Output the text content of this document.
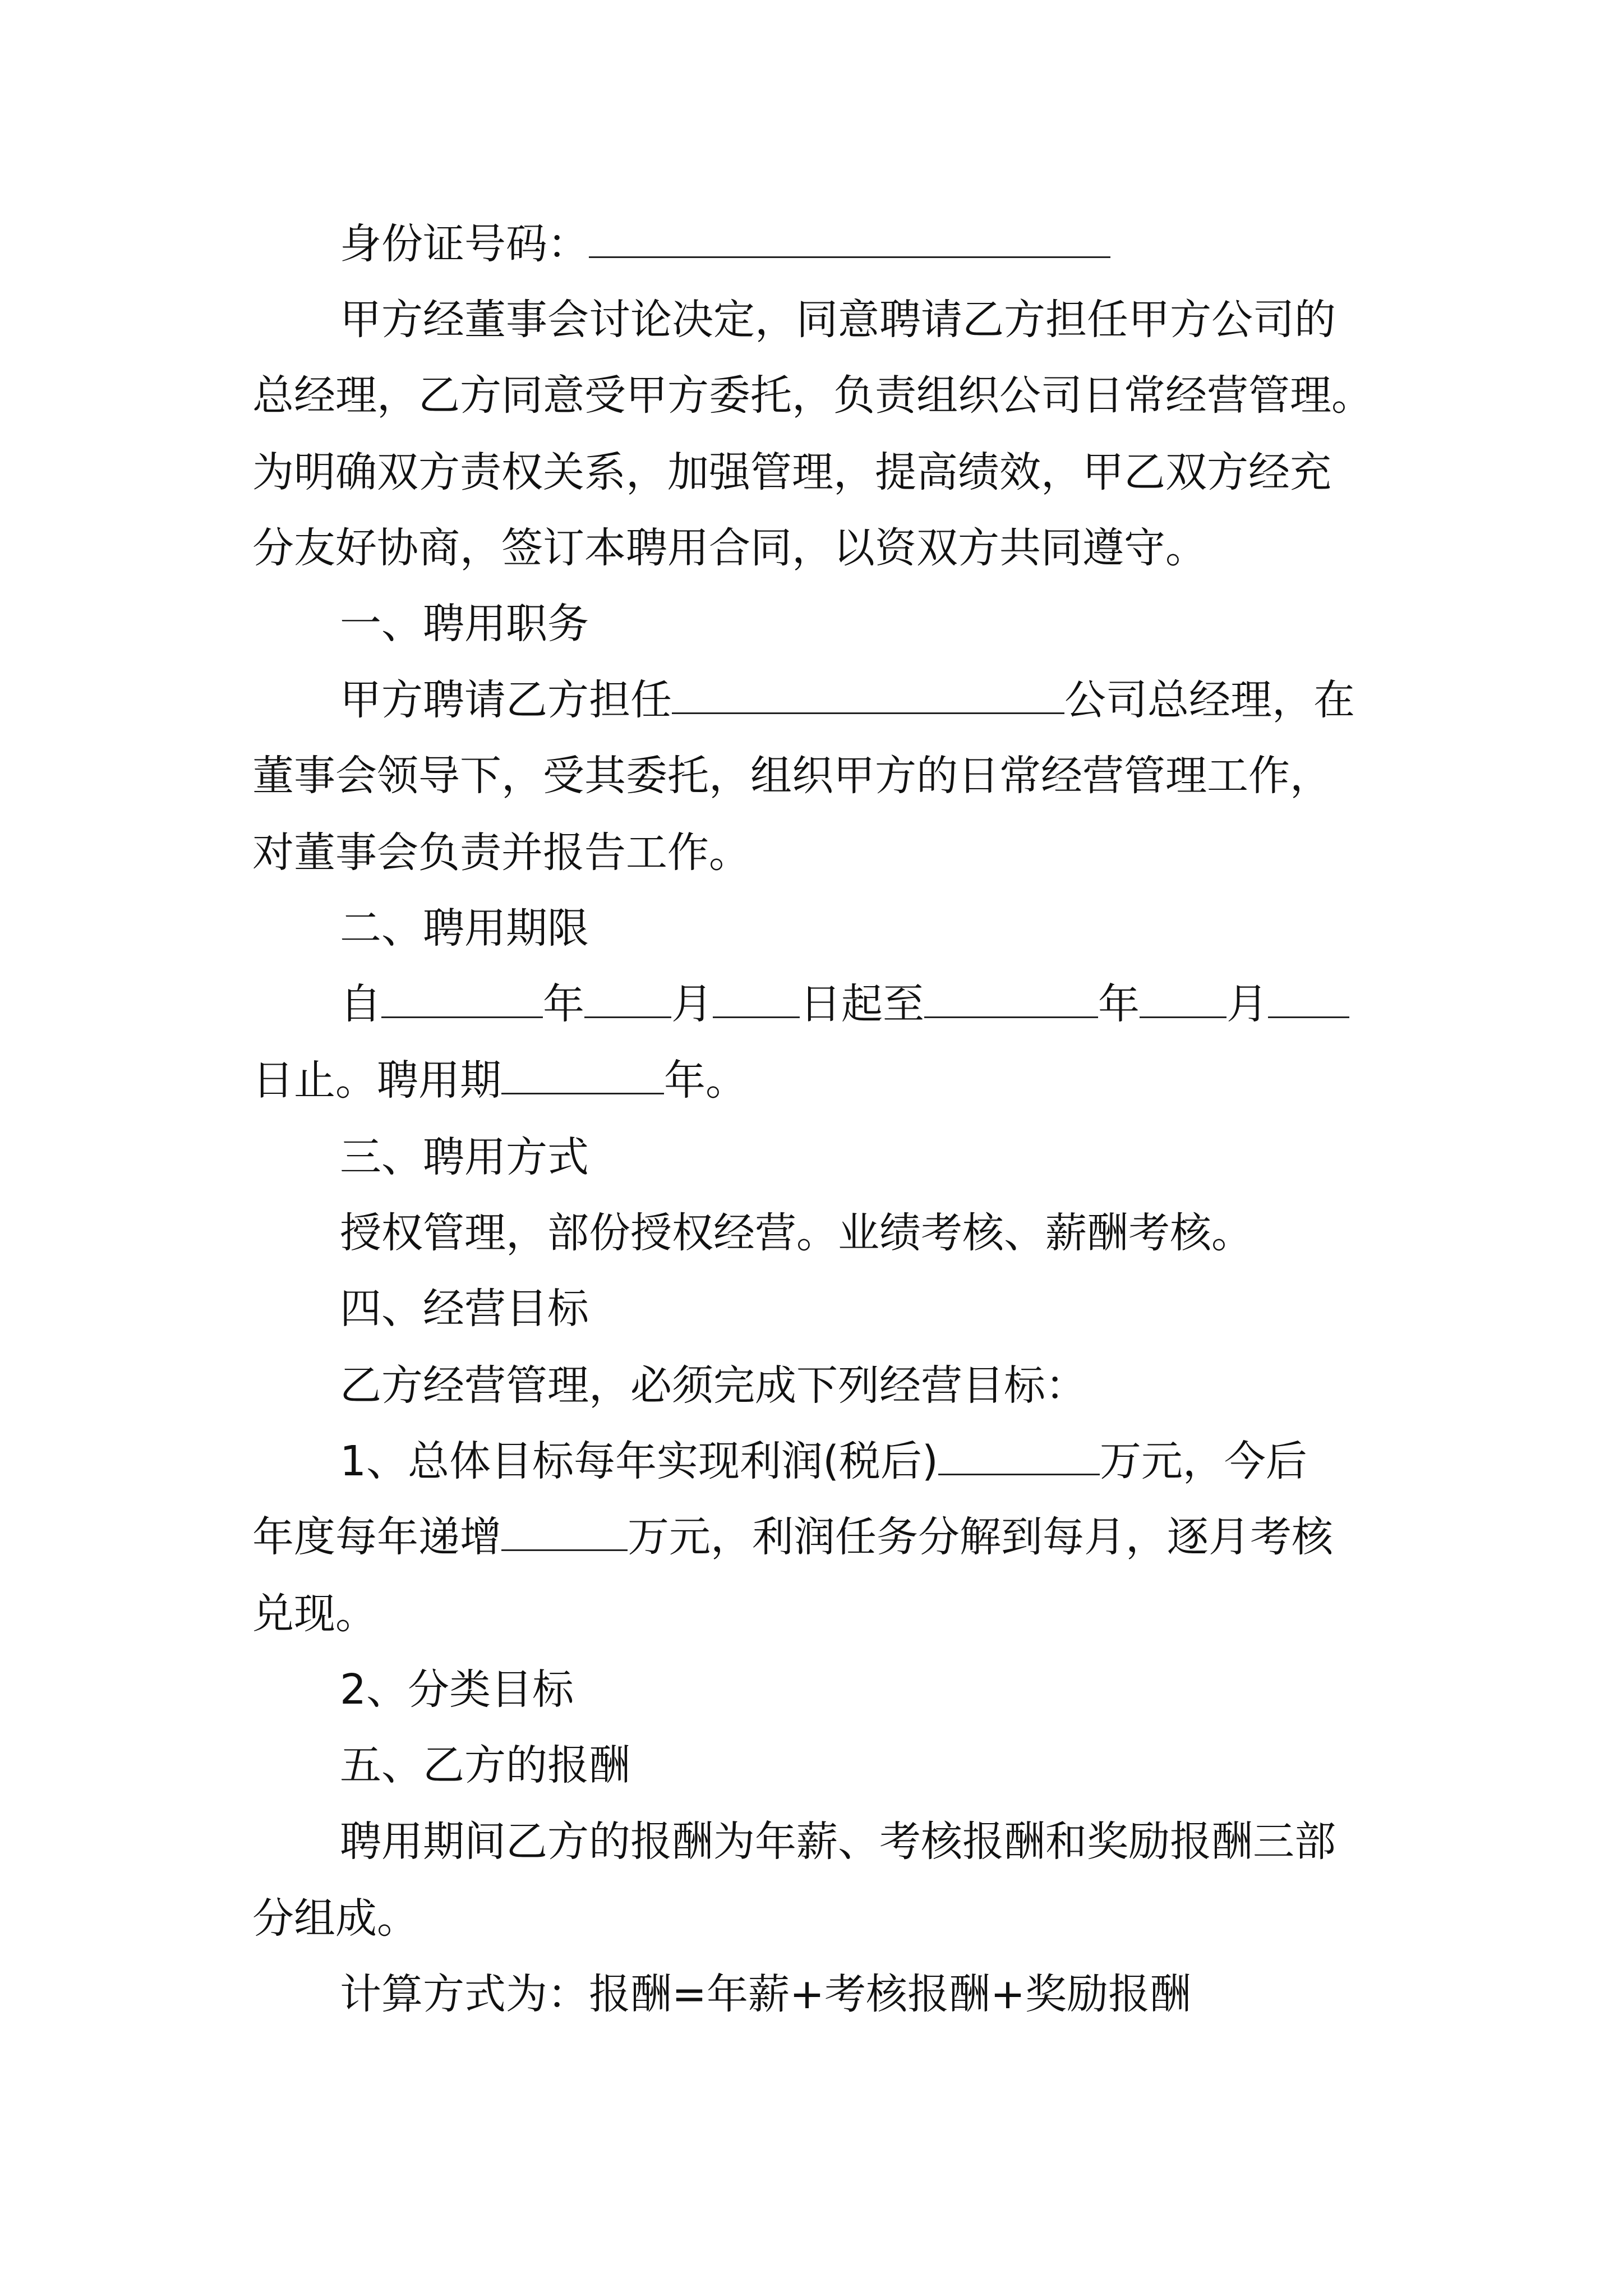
身份证号码：
甲方经董事会讨论决定，同意聘请乙方担任甲方公司的
总经理，乙方同意受甲方委托，负责组织公司日常经营管理。
为明确双方责权关系，加强管理，提高绩效，甲乙双方经充
分友好协商，签订本聘用合同，以资双方共同遵守。
一、聘用职务
甲方聘请乙方担任	公司总经理，在
董事会领导下，受其委托，组织甲方的日常经营管理工作，
对董事会负责并报告工作。
二、聘用期限
自	年 月 日起至	年 月
日止。聘用期	年。
三、聘用方式
授权管理，部份授权经营。业绩考核、薪酬考核。
四、经营目标
乙方经营管理，必须完成下列经营目标：
1、总体目标每年实现利润(税后)	万元，今后
年度每年递增	万元，利润任务分解到每月，逐月考核
兑现。
2、分类目标
五、乙方的报酬
聘用期间乙方的报酬为年薪、考核报酬和奖励报酬三部
分组成。
计算方式为：报酬=年薪+考核报酬+奖励报酬
